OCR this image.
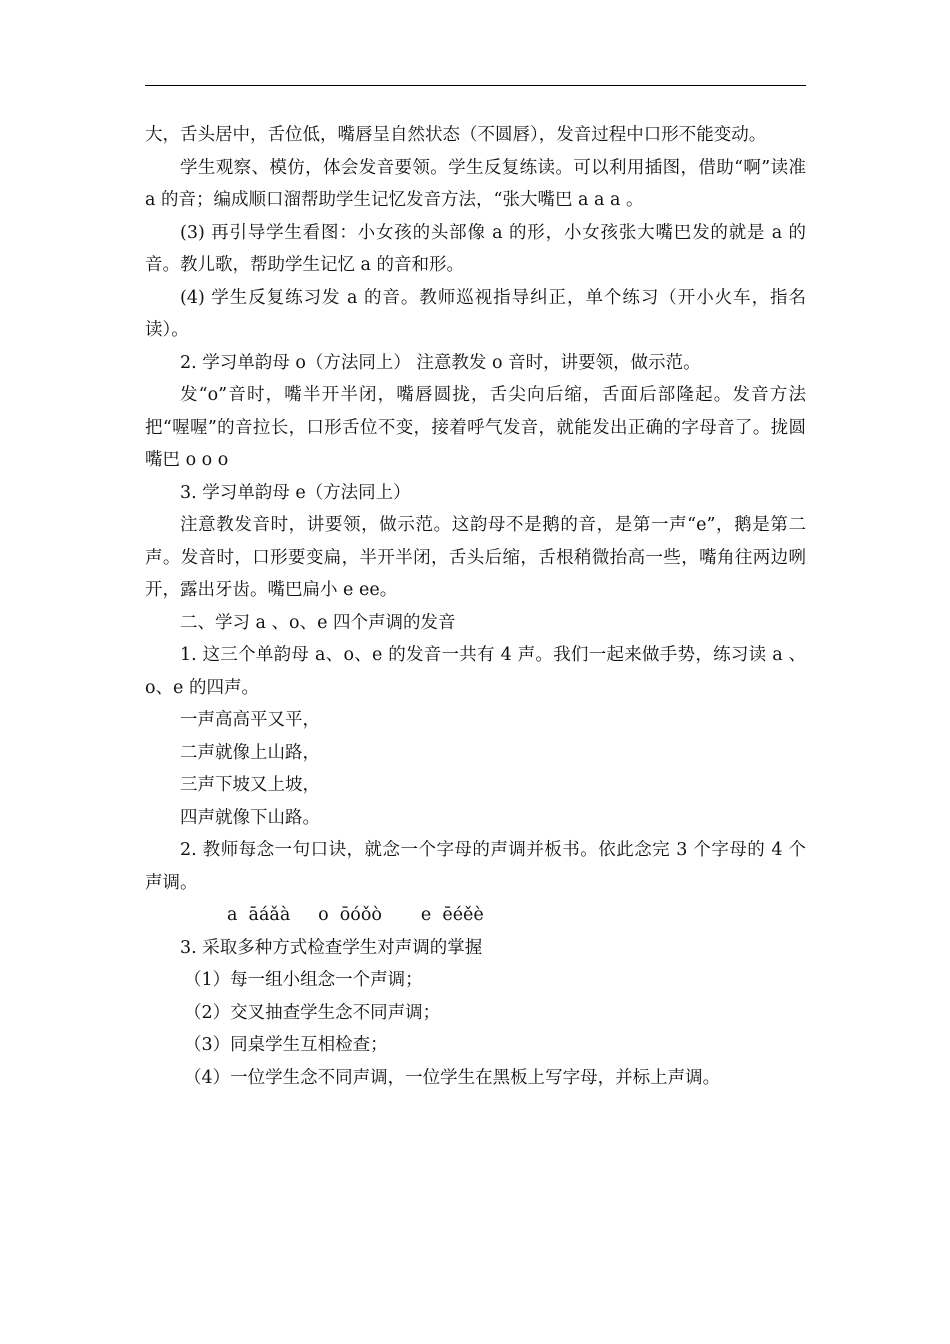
大，舌头居中，舌位低，嘴唇呈自然状态（不圆唇），发音过程中口形不能变动。

学生观察、模仿，体会发音要领。学生反复练读。可以利用插图，借助“啊”读准 a 的音；编成顺口溜帮助学生记忆发音方法，“张大嘴巴 a a a 。

(3) 再引导学生看图：小女孩的头部像 a 的形，小女孩张大嘴巴发的就是 a 的音。教儿歌，帮助学生记忆 a 的音和形。

(4) 学生反复练习发 a 的音。教师巡视指导纠正，单个练习（开小火车，指名读）。

2. 学习单韵母 o（方法同上） 注意教发 o 音时，讲要领，做示范。

发“o”音时，嘴半开半闭，嘴唇圆拢，舌尖向后缩，舌面后部隆起。发音方法把“喔喔”的音拉长，口形舌位不变，接着呼气发音，就能发出正确的字母音了。拢圆嘴巴 o o o

3. 学习单韵母 e（方法同上）

注意教发音时，讲要领，做示范。这韵母不是鹅的音，是第一声“e”，鹅是第二声。发音时，口形要变扁，半开半闭，舌头后缩，舌根稍微抬高一些，嘴角往两边咧开，露出牙齿。嘴巴扁小 e ee。

二、学习 a 、o、e 四个声调的发音

1. 这三个单韵母 a、o、e 的发音一共有 4 声。我们一起来做手势，练习读 a 、o、e 的四声。

一声高高平又平，

二声就像上山路，

三声下坡又上坡，

四声就像下山路。

2. 教师每念一句口诀，就念一个字母的声调并板书。依此念完 3 个字母的 4 个声调。

a  āáǎà     o  ōóǒò       e  ēéěè

3. 采取多种方式检查学生对声调的掌握

（1）每一组小组念一个声调；

（2）交叉抽查学生念不同声调；

（3）同桌学生互相检查；

（4）一位学生念不同声调，一位学生在黑板上写字母，并标上声调。
